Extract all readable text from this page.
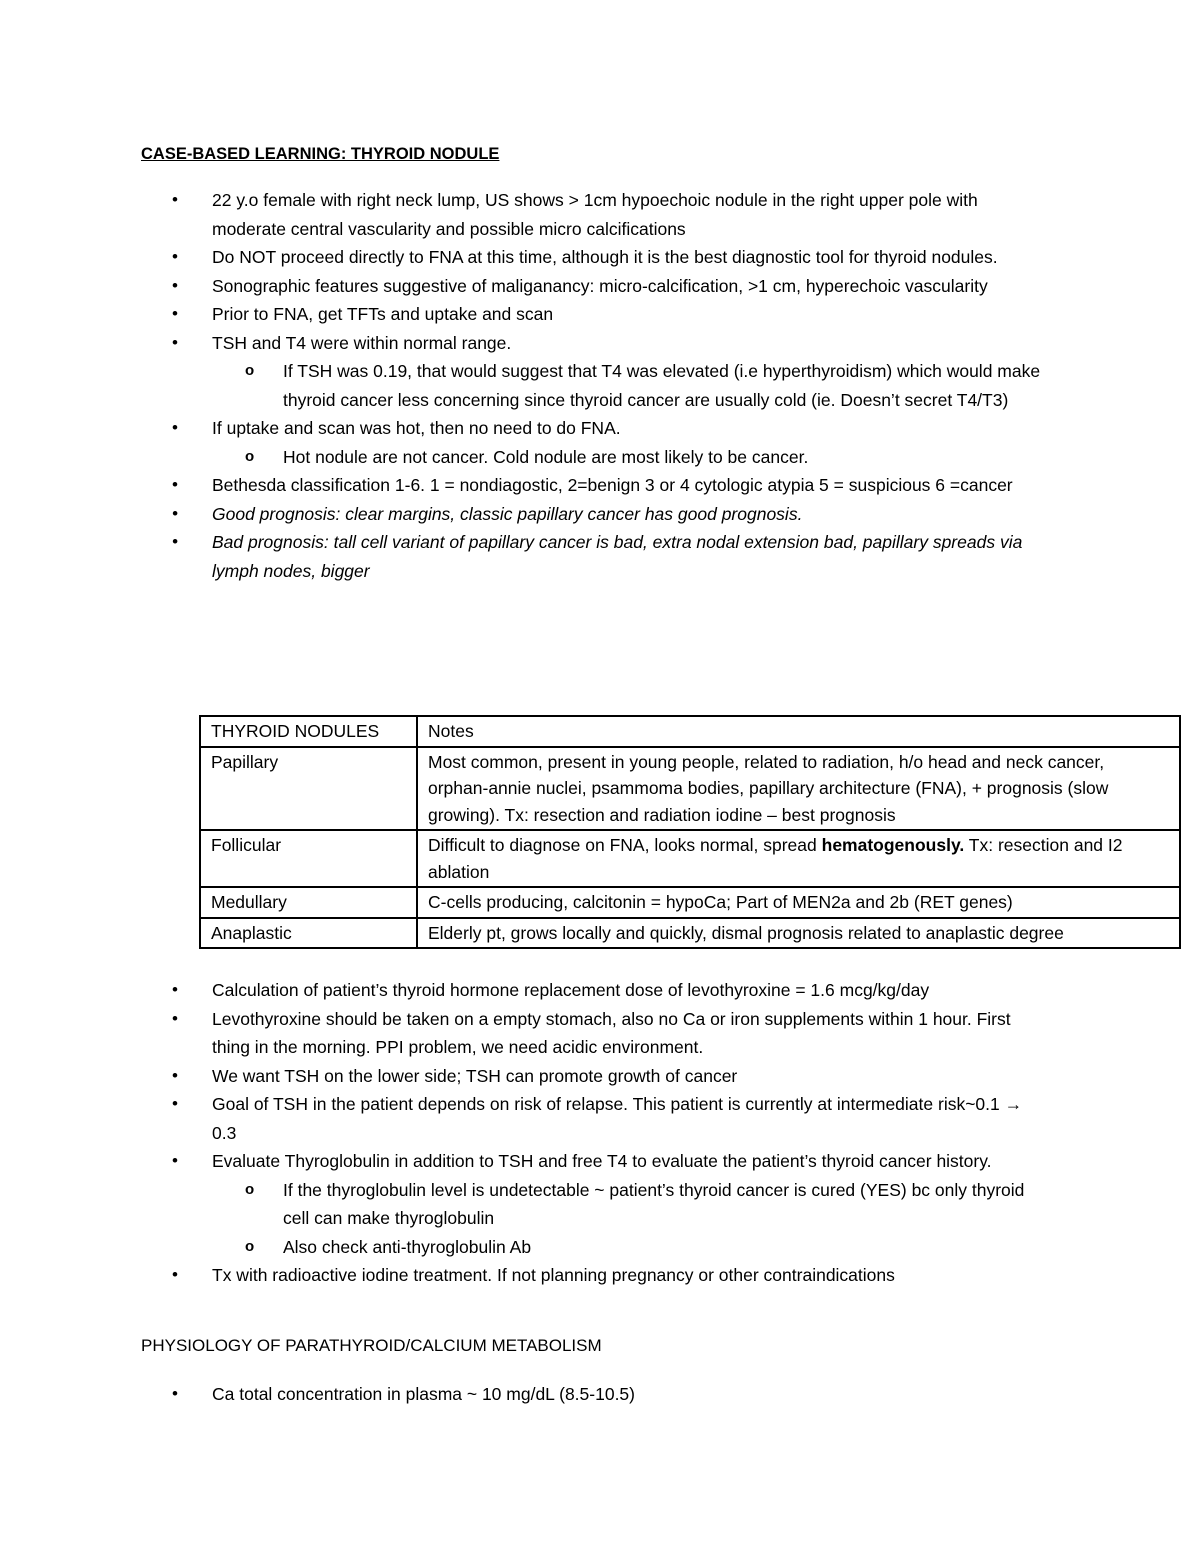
CASE-BASED LEARNING: THYROID NODULE
• 22 y.o female with right neck lump, US shows > 1cm hypoechoic nodule in the right upper pole with moderate central vascularity and possible micro calcifications
• Do NOT proceed directly to FNA at this time, although it is the best diagnostic tool for thyroid nodules.
• Sonographic features suggestive of maliganancy: micro-calcification, >1 cm, hyperechoic vascularity
• Prior to FNA, get TFTs and uptake and scan
• TSH and T4 were within normal range.
o If TSH was 0.19, that would suggest that T4 was elevated (i.e hyperthyroidism) which would make thyroid cancer less concerning since thyroid cancer are usually cold (ie. Doesn’t secret T4/T3)
• If uptake and scan was hot, then no need to do FNA.
o Hot nodule are not cancer. Cold nodule are most likely to be cancer.
• Bethesda classification 1-6. 1 = nondiagostic, 2=benign 3 or 4 cytologic atypia 5 = suspicious 6 =cancer
• Good prognosis: clear margins, classic papillary cancer has good prognosis.
• Bad prognosis: tall cell variant of papillary cancer is bad, extra nodal extension bad, papillary spreads via lymph nodes, bigger
THYROID NODULES	Notes
Papillary	Most common, present in young people, related to radiation, h/o head and neck cancer, orphan-annie nuclei, psammoma bodies, papillary architecture (FNA), + prognosis (slow growing). Tx: resection and radiation iodine – best prognosis
Follicular	Difficult to diagnose on FNA, looks normal, spread hematogenously. Tx: resection and I2 ablation
Medullary	C-cells producing, calcitonin = hypoCa; Part of MEN2a and 2b (RET genes)
Anaplastic	Elderly pt, grows locally and quickly, dismal prognosis related to anaplastic degree
• Calculation of patient’s thyroid hormone replacement dose of levothyroxine = 1.6 mcg/kg/day
• Levothyroxine should be taken on a empty stomach, also no Ca or iron supplements within 1 hour. First thing in the morning. PPI problem, we need acidic environment.
• We want TSH on the lower side; TSH can promote growth of cancer
• Goal of TSH in the patient depends on risk of relapse. This patient is currently at intermediate risk~0.1 → 0.3
• Evaluate Thyroglobulin in addition to TSH and free T4 to evaluate the patient’s thyroid cancer history.
o If the thyroglobulin level is undetectable ~ patient’s thyroid cancer is cured (YES) bc only thyroid cell can make thyroglobulin
o Also check anti-thyroglobulin Ab
• Tx with radioactive iodine treatment. If not planning pregnancy or other contraindications
PHYSIOLOGY OF PARATHYROID/CALCIUM METABOLISM
• Ca total concentration in plasma ~ 10 mg/dL (8.5-10.5)
